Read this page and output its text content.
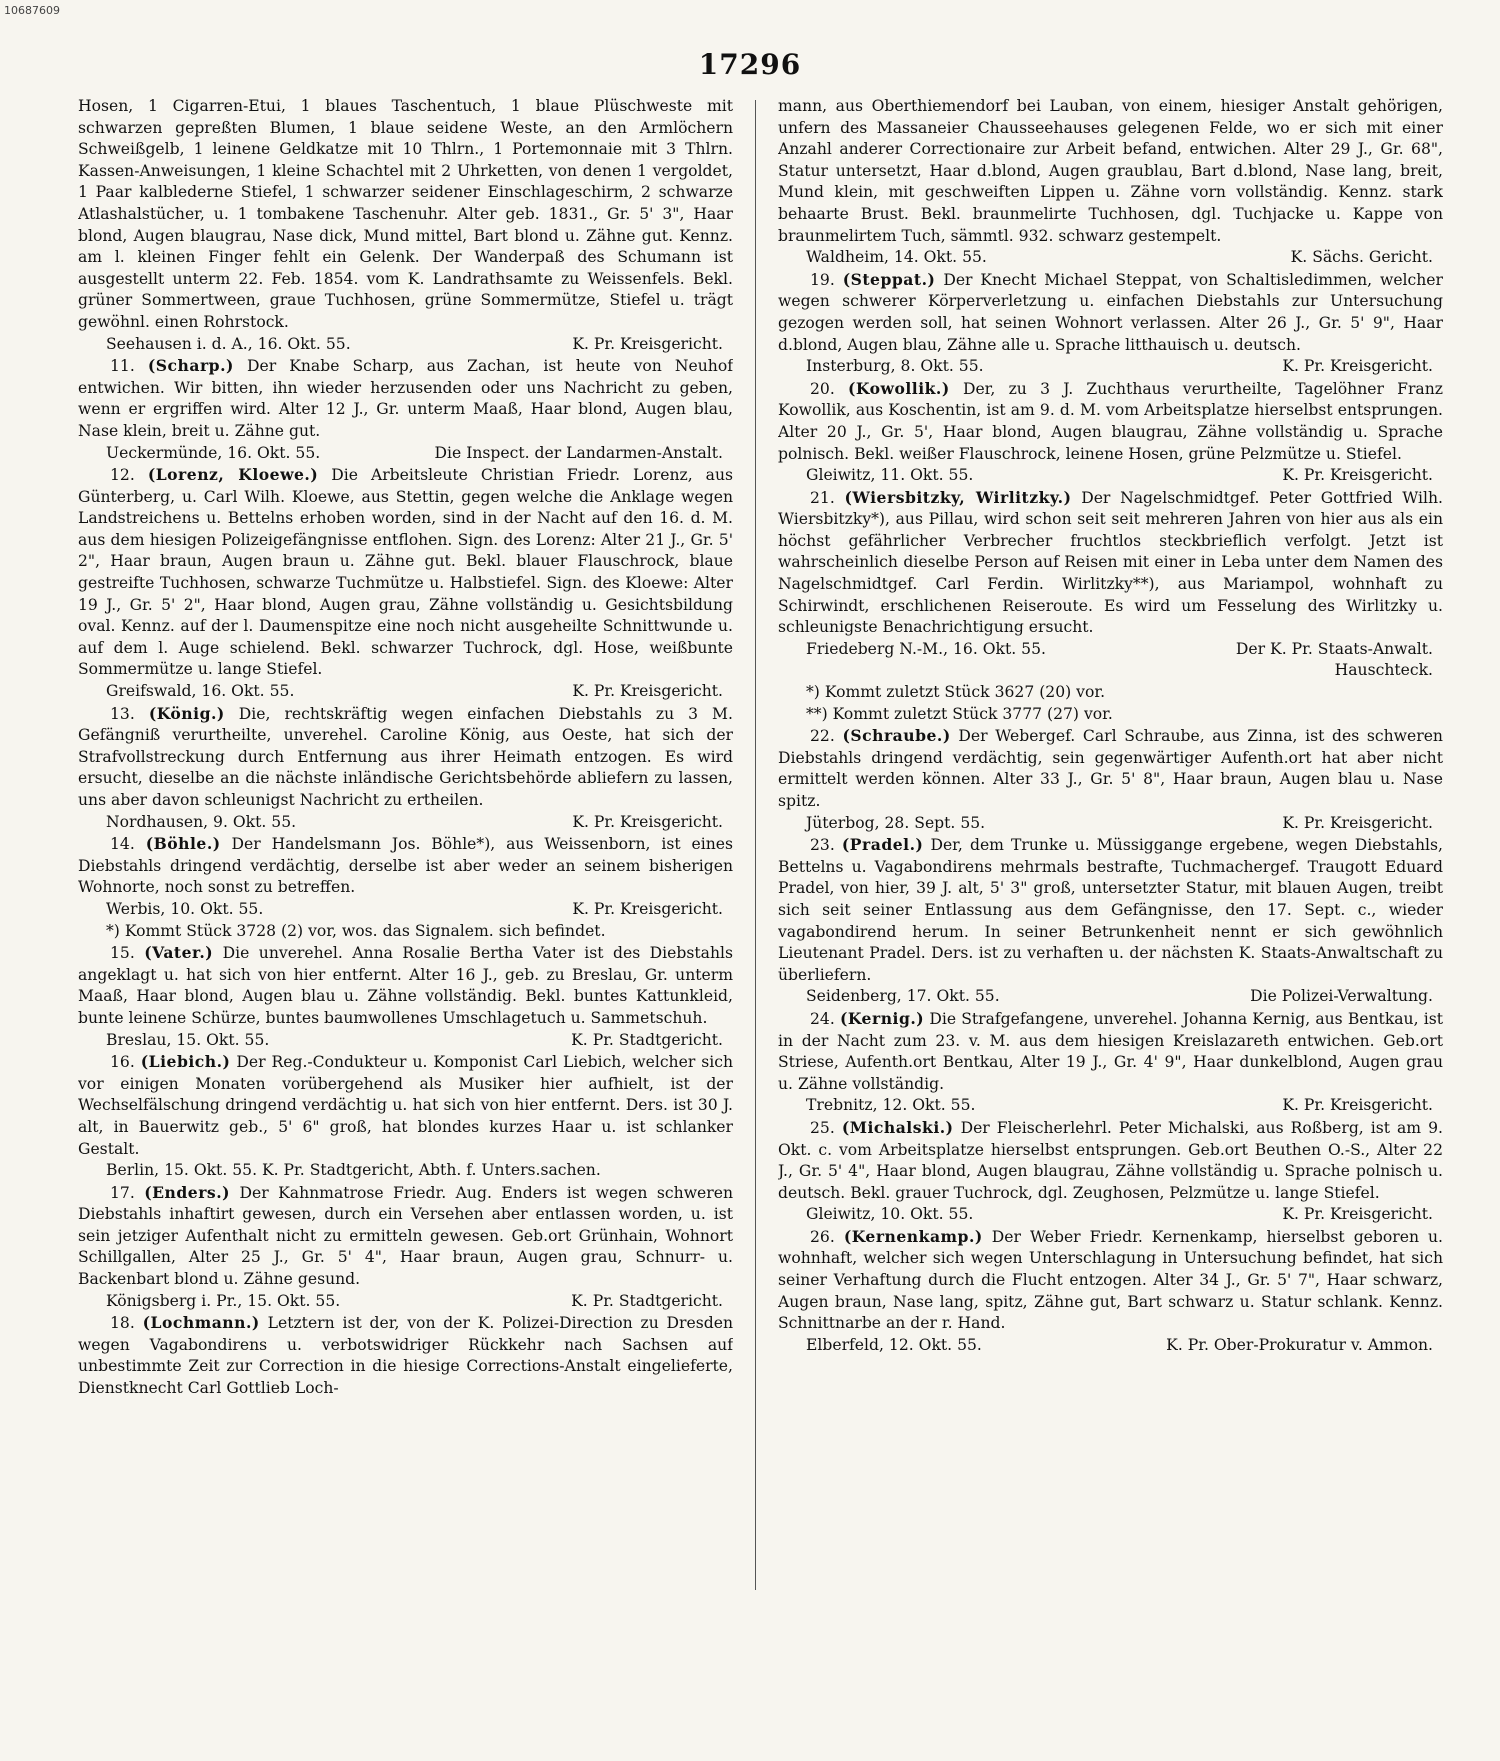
10687609
17296

Hosen, 1 Cigarren-Etui, 1 blaues Taschentuch, 1 blaue Plüschweste mit schwarzen gepreßten Blumen, 1 blaue seidene Weste, an den Armlöchern Schweißgelb, 1 leinene Geldkatze mit 10 Thlrn., 1 Portemonnaie mit 3 Thlrn. Kassen-Anweisungen, 1 kleine Schachtel mit 2 Uhrketten, von denen 1 vergoldet, 1 Paar kalblederne Stiefel, 1 schwarzer seidener Einschlageschirm, 2 schwarze Atlashalstücher, u. 1 tombakene Taschenuhr. Alter geb. 1831., Gr. 5' 3", Haar blond, Augen blaugrau, Nase dick, Mund mittel, Bart blond u. Zähne gut. Kennz. am l. kleinen Finger fehlt ein Gelenk. Der Wanderpaß des Schumann ist ausgestellt unterm 22. Feb. 1854. vom K. Landrathsamte zu Weissenfels. Bekl. grüner Sommertween, graue Tuchhosen, grüne Sommermütze, Stiefel u. trägt gewöhnl. einen Rohrstock.

Seehausen i. d. A., 16. Okt. 55.	K. Pr. Kreisgericht.

11. (Scharp.) Der Knabe Scharp, aus Zachan, ist heute von Neuhof entwichen. Wir bitten, ihn wieder herzusenden oder uns Nachricht zu geben, wenn er ergriffen wird. Alter 12 J., Gr. unterm Maaß, Haar blond, Augen blau, Nase klein, breit u. Zähne gut.

Ueckermünde, 16. Okt. 55.	Die Inspect. der Landarmen-Anstalt.

12. (Lorenz, Kloewe.) Die Arbeitsleute Christian Friedr. Lorenz, aus Günterberg, u. Carl Wilh. Kloewe, aus Stettin, gegen welche die Anklage wegen Landstreichens u. Bettelns erhoben worden, sind in der Nacht auf den 16. d. M. aus dem hiesigen Polizeigefängnisse entflohen. Sign. des Lorenz: Alter 21 J., Gr. 5' 2", Haar braun, Augen braun u. Zähne gut. Bekl. blauer Flauschrock, blaue gestreifte Tuchhosen, schwarze Tuchmütze u. Halbstiefel. Sign. des Kloewe: Alter 19 J., Gr. 5' 2", Haar blond, Augen grau, Zähne vollständig u. Gesichtsbildung oval. Kennz. auf der l. Daumenspitze eine noch nicht ausgeheilte Schnittwunde u. auf dem l. Auge schielend. Bekl. schwarzer Tuchrock, dgl. Hose, weißbunte Sommermütze u. lange Stiefel.

Greifswald, 16. Okt. 55.	K. Pr. Kreisgericht.

13. (König.) Die, rechtskräftig wegen einfachen Diebstahls zu 3 M. Gefängniß verurtheilte, unverehel. Caroline König, aus Oeste, hat sich der Strafvollstreckung durch Entfernung aus ihrer Heimath entzogen. Es wird ersucht, dieselbe an die nächste inländische Gerichtsbehörde abliefern zu lassen, uns aber davon schleunigst Nachricht zu ertheilen.

Nordhausen, 9. Okt. 55.	K. Pr. Kreisgericht.

14. (Böhle.) Der Handelsmann Jos. Böhle*), aus Weissenborn, ist eines Diebstahls dringend verdächtig, derselbe ist aber weder an seinem bisherigen Wohnorte, noch sonst zu betreffen.

Werbis, 10. Okt. 55.	K. Pr. Kreisgericht.

*) Kommt Stück 3728 (2) vor, wos. das Signalem. sich befindet.

15. (Vater.) Die unverehel. Anna Rosalie Bertha Vater ist des Diebstahls angeklagt u. hat sich von hier entfernt. Alter 16 J., geb. zu Breslau, Gr. unterm Maaß, Haar blond, Augen blau u. Zähne vollständig. Bekl. buntes Kattunkleid, bunte leinene Schürze, buntes baumwollenes Umschlagetuch u. Sammetschuh.

Breslau, 15. Okt. 55.	K. Pr. Stadtgericht.

16. (Liebich.) Der Reg.-Condukteur u. Komponist Carl Liebich, welcher sich vor einigen Monaten vorübergehend als Musiker hier aufhielt, ist der Wechselfälschung dringend verdächtig u. hat sich von hier entfernt. Ders. ist 30 J. alt, in Bauerwitz geb., 5' 6" groß, hat blondes kurzes Haar u. ist schlanker Gestalt.

Berlin, 15. Okt. 55. K. Pr. Stadtgericht, Abth. f. Unters.sachen.

17. (Enders.) Der Kahnmatrose Friedr. Aug. Enders ist wegen schweren Diebstahls inhaftirt gewesen, durch ein Versehen aber entlassen worden, u. ist sein jetziger Aufenthalt nicht zu ermitteln gewesen. Geb.ort Grünhain, Wohnort Schillgallen, Alter 25 J., Gr. 5' 4", Haar braun, Augen grau, Schnurr- u. Backenbart blond u. Zähne gesund.

Königsberg i. Pr., 15. Okt. 55.	K. Pr. Stadtgericht.

18. (Lochmann.) Letztern ist der, von der K. Polizei-Direction zu Dresden wegen Vagabondirens u. verbotswidriger Rückkehr nach Sachsen auf unbestimmte Zeit zur Correction in die hiesige Corrections-Anstalt eingelieferte, Dienstknecht Carl Gottlieb Loch-

mann, aus Oberthiemendorf bei Lauban, von einem, hiesiger Anstalt gehörigen, unfern des Massaneier Chausseehauses gelegenen Felde, wo er sich mit einer Anzahl anderer Correctionaire zur Arbeit befand, entwichen. Alter 29 J., Gr. 68", Statur untersetzt, Haar d.blond, Augen graublau, Bart d.blond, Nase lang, breit, Mund klein, mit geschweiften Lippen u. Zähne vorn vollständig. Kennz. stark behaarte Brust. Bekl. braunmelirte Tuchhosen, dgl. Tuchjacke u. Kappe von braunmelirtem Tuch, sämmtl. 932. schwarz gestempelt.

Waldheim, 14. Okt. 55.	K. Sächs. Gericht.

19. (Steppat.) Der Knecht Michael Steppat, von Schaltisledimmen, welcher wegen schwerer Körperverletzung u. einfachen Diebstahls zur Untersuchung gezogen werden soll, hat seinen Wohnort verlassen. Alter 26 J., Gr. 5' 9", Haar d.blond, Augen blau, Zähne alle u. Sprache litthauisch u. deutsch.

Insterburg, 8. Okt. 55.	K. Pr. Kreisgericht.

20. (Kowollik.) Der, zu 3 J. Zuchthaus verurtheilte, Tagelöhner Franz Kowollik, aus Koschentin, ist am 9. d. M. vom Arbeitsplatze hierselbst entsprungen. Alter 20 J., Gr. 5', Haar blond, Augen blaugrau, Zähne vollständig u. Sprache polnisch. Bekl. weißer Flauschrock, leinene Hosen, grüne Pelzmütze u. Stiefel.

Gleiwitz, 11. Okt. 55.	K. Pr. Kreisgericht.

21. (Wiersbitzky, Wirlitzky.) Der Nagelschmidtgef. Peter Gottfried Wilh. Wiersbitzky*), aus Pillau, wird schon seit seit mehreren Jahren von hier aus als ein höchst gefährlicher Verbrecher fruchtlos steckbrieflich verfolgt. Jetzt ist wahrscheinlich dieselbe Person auf Reisen mit einer in Leba unter dem Namen des Nagelschmidtgef. Carl Ferdin. Wirlitzky**), aus Mariampol, wohnhaft zu Schirwindt, erschlichenen Reiseroute. Es wird um Fesselung des Wirlitzky u. schleunigste Benachrichtigung ersucht.

Friedeberg N.-M., 16. Okt. 55.	Der K. Pr. Staats-Anwalt.

Hauschteck.

*) Kommt zuletzt Stück 3627 (20) vor.

**) Kommt zuletzt Stück 3777 (27) vor.

22. (Schraube.) Der Webergef. Carl Schraube, aus Zinna, ist des schweren Diebstahls dringend verdächtig, sein gegenwärtiger Aufenth.ort hat aber nicht ermittelt werden können. Alter 33 J., Gr. 5' 8", Haar braun, Augen blau u. Nase spitz.

Jüterbog, 28. Sept. 55.	K. Pr. Kreisgericht.

23. (Pradel.) Der, dem Trunke u. Müssiggange ergebene, wegen Diebstahls, Bettelns u. Vagabondirens mehrmals bestrafte, Tuchmachergef. Traugott Eduard Pradel, von hier, 39 J. alt, 5' 3" groß, untersetzter Statur, mit blauen Augen, treibt sich seit seiner Entlassung aus dem Gefängnisse, den 17. Sept. c., wieder vagabondirend herum. In seiner Betrunkenheit nennt er sich gewöhnlich Lieutenant Pradel. Ders. ist zu verhaften u. der nächsten K. Staats-Anwaltschaft zu überliefern.

Seidenberg, 17. Okt. 55.	Die Polizei-Verwaltung.

24. (Kernig.) Die Strafgefangene, unverehel. Johanna Kernig, aus Bentkau, ist in der Nacht zum 23. v. M. aus dem hiesigen Kreislazareth entwichen. Geb.ort Striese, Aufenth.ort Bentkau, Alter 19 J., Gr. 4' 9", Haar dunkelblond, Augen grau u. Zähne vollständig.

Trebnitz, 12. Okt. 55.	K. Pr. Kreisgericht.

25. (Michalski.) Der Fleischerlehrl. Peter Michalski, aus Roßberg, ist am 9. Okt. c. vom Arbeitsplatze hierselbst entsprungen. Geb.ort Beuthen O.-S., Alter 22 J., Gr. 5' 4", Haar blond, Augen blaugrau, Zähne vollständig u. Sprache polnisch u. deutsch. Bekl. grauer Tuchrock, dgl. Zeughosen, Pelzmütze u. lange Stiefel.

Gleiwitz, 10. Okt. 55.	K. Pr. Kreisgericht.

26. (Kernenkamp.) Der Weber Friedr. Kernenkamp, hierselbst geboren u. wohnhaft, welcher sich wegen Unterschlagung in Untersuchung befindet, hat sich seiner Verhaftung durch die Flucht entzogen. Alter 34 J., Gr. 5' 7", Haar schwarz, Augen braun, Nase lang, spitz, Zähne gut, Bart schwarz u. Statur schlank. Kennz. Schnittnarbe an der r. Hand.

Elberfeld, 12. Okt. 55.	K. Pr. Ober-Prokuratur v. Ammon.
